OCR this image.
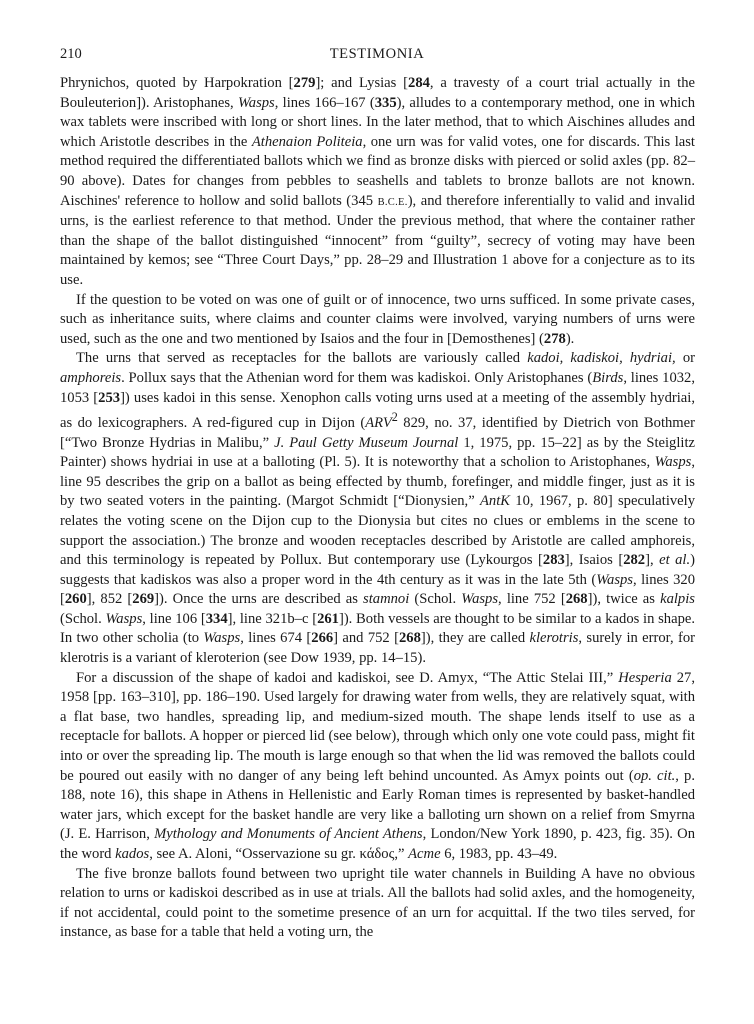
210	TESTIMONIA

Phrynichos, quoted by Harpokration [279]; and Lysias [284, a travesty of a court trial actually in the Bouleuterion]). Aristophanes, Wasps, lines 166–167 (335), alludes to a contemporary method, one in which wax tablets were inscribed with long or short lines. In the later method, that to which Aischines alludes and which Aristotle describes in the Athenaion Politeia, one urn was for valid votes, one for discards. This last method required the differentiated ballots which we find as bronze disks with pierced or solid axles (pp. 82–90 above). Dates for changes from pebbles to seashells and tablets to bronze ballots are not known. Aischines' reference to hollow and solid ballots (345 B.C.E.), and therefore inferentially to valid and invalid urns, is the earliest reference to that method. Under the previous method, that where the container rather than the shape of the ballot distinguished “innocent” from “guilty”, secrecy of voting may have been maintained by kemos; see “Three Court Days,” pp. 28–29 and Illustration 1 above for a conjecture as to its use.

If the question to be voted on was one of guilt or of innocence, two urns sufficed. In some private cases, such as inheritance suits, where claims and counter claims were involved, varying numbers of urns were used, such as the one and two mentioned by Isaios and the four in [Demosthenes] (278).

The urns that served as receptacles for the ballots are variously called kadoi, kadiskoi, hydriai, or amphoreis. Pollux says that the Athenian word for them was kadiskoi. Only Aristophanes (Birds, lines 1032, 1053 [253]) uses kadoi in this sense. Xenophon calls voting urns used at a meeting of the assembly hydriai, as do lexicographers. A red-figured cup in Dijon (ARV$^2$ 829, no. 37, identified by Dietrich von Bothmer [“Two Bronze Hydrias in Malibu,” J. Paul Getty Museum Journal 1, 1975, pp. 15–22] as by the Steiglitz Painter) shows hydriai in use at a balloting (Pl. 5). It is noteworthy that a scholion to Aristophanes, Wasps, line 95 describes the grip on a ballot as being effected by thumb, forefinger, and middle finger, just as it is by two seated voters in the painting. (Margot Schmidt [“Dionysien,” AntK 10, 1967, p. 80] speculatively relates the voting scene on the Dijon cup to the Dionysia but cites no clues or emblems in the scene to support the association.) The bronze and wooden receptacles described by Aristotle are called amphoreis, and this terminology is repeated by Pollux. But contemporary use (Lykourgos [283], Isaios [282], et al.) suggests that kadiskos was also a proper word in the 4th century as it was in the late 5th (Wasps, lines 320 [260], 852 [269]). Once the urns are described as stamnoi (Schol. Wasps, line 752 [268]), twice as kalpis (Schol. Wasps, line 106 [334], line 321b–c [261]). Both vessels are thought to be similar to a kados in shape. In two other scholia (to Wasps, lines 674 [266] and 752 [268]), they are called klerotris, surely in error, for klerotris is a variant of kleroterion (see Dow 1939, pp. 14–15).

For a discussion of the shape of kadoi and kadiskoi, see D. Amyx, “The Attic Stelai III,” Hesperia 27, 1958 [pp. 163–310], pp. 186–190. Used largely for drawing water from wells, they are relatively squat, with a flat base, two handles, spreading lip, and medium-sized mouth. The shape lends itself to use as a receptacle for ballots. A hopper or pierced lid (see below), through which only one vote could pass, might fit into or over the spreading lip. The mouth is large enough so that when the lid was removed the ballots could be poured out easily with no danger of any being left behind uncounted. As Amyx points out (op. cit., p. 188, note 16), this shape in Athens in Hellenistic and Early Roman times is represented by basket-handled water jars, which except for the basket handle are very like a balloting urn shown on a relief from Smyrna (J. E. Harrison, Mythology and Monuments of Ancient Athens, London/New York 1890, p. 423, fig. 35). On the word kados, see A. Aloni, “Osservazione su gr. κάδος,” Acme 6, 1983, pp. 43–49.

The five bronze ballots found between two upright tile water channels in Building A have no obvious relation to urns or kadiskoi described as in use at trials. All the ballots had solid axles, and the homogeneity, if not accidental, could point to the sometime presence of an urn for acquittal. If the two tiles served, for instance, as base for a table that held a voting urn, the
